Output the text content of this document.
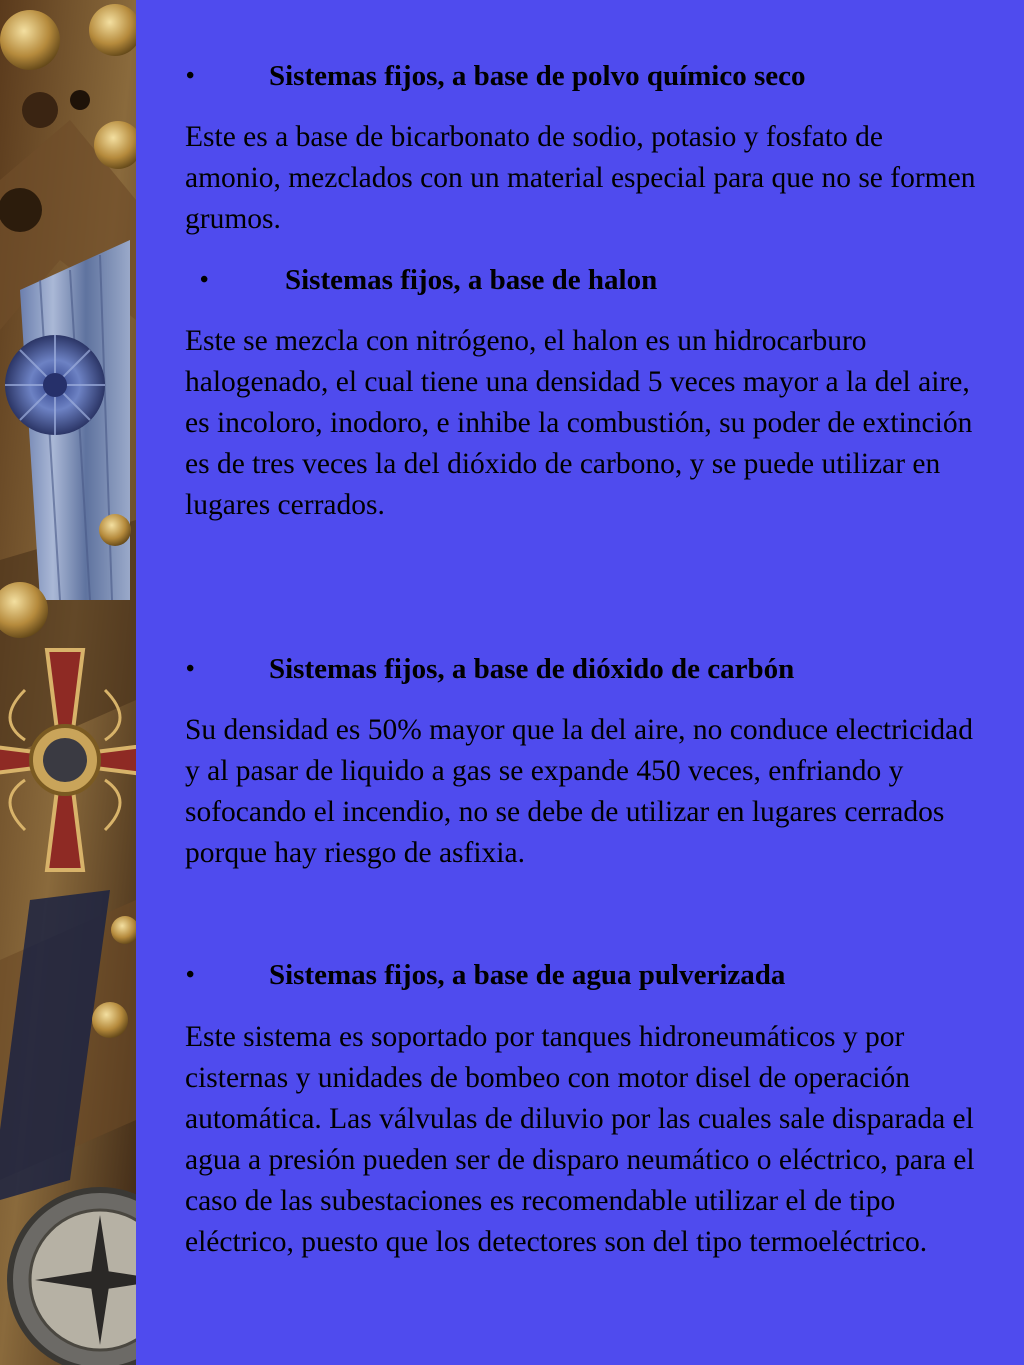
•	Sistemas fijos, a base de polvo químico seco
Este es a base de bicarbonato de sodio, potasio y fosfato de amonio, mezclados con un material especial para que no se formen grumos.
•	Sistemas fijos, a base de halon
Este se mezcla con nitrógeno, el halon es un hidrocarburo halogenado, el cual tiene una densidad 5 veces mayor a la del aire, es incoloro, inodoro, e inhibe la combustión, su poder de extinción es de tres veces la del dióxido de carbono, y se puede utilizar en lugares cerrados.
•	Sistemas fijos, a base de dióxido de carbón
Su densidad es 50% mayor que la del aire, no conduce electricidad y al pasar de liquido a gas se expande 450 veces, enfriando y sofocando el incendio, no se debe de utilizar en lugares cerrados porque hay riesgo de asfixia.
•	Sistemas fijos, a base de agua pulverizada
Este sistema es soportado por tanques hidroneumáticos y por cisternas y unidades de bombeo con motor disel de operación automática. Las válvulas de diluvio por las cuales sale disparada el agua a presión pueden ser de disparo neumático o eléctrico, para el caso de las subestaciones es recomendable utilizar el de tipo eléctrico, puesto que los detectores son del tipo termoeléctrico.
